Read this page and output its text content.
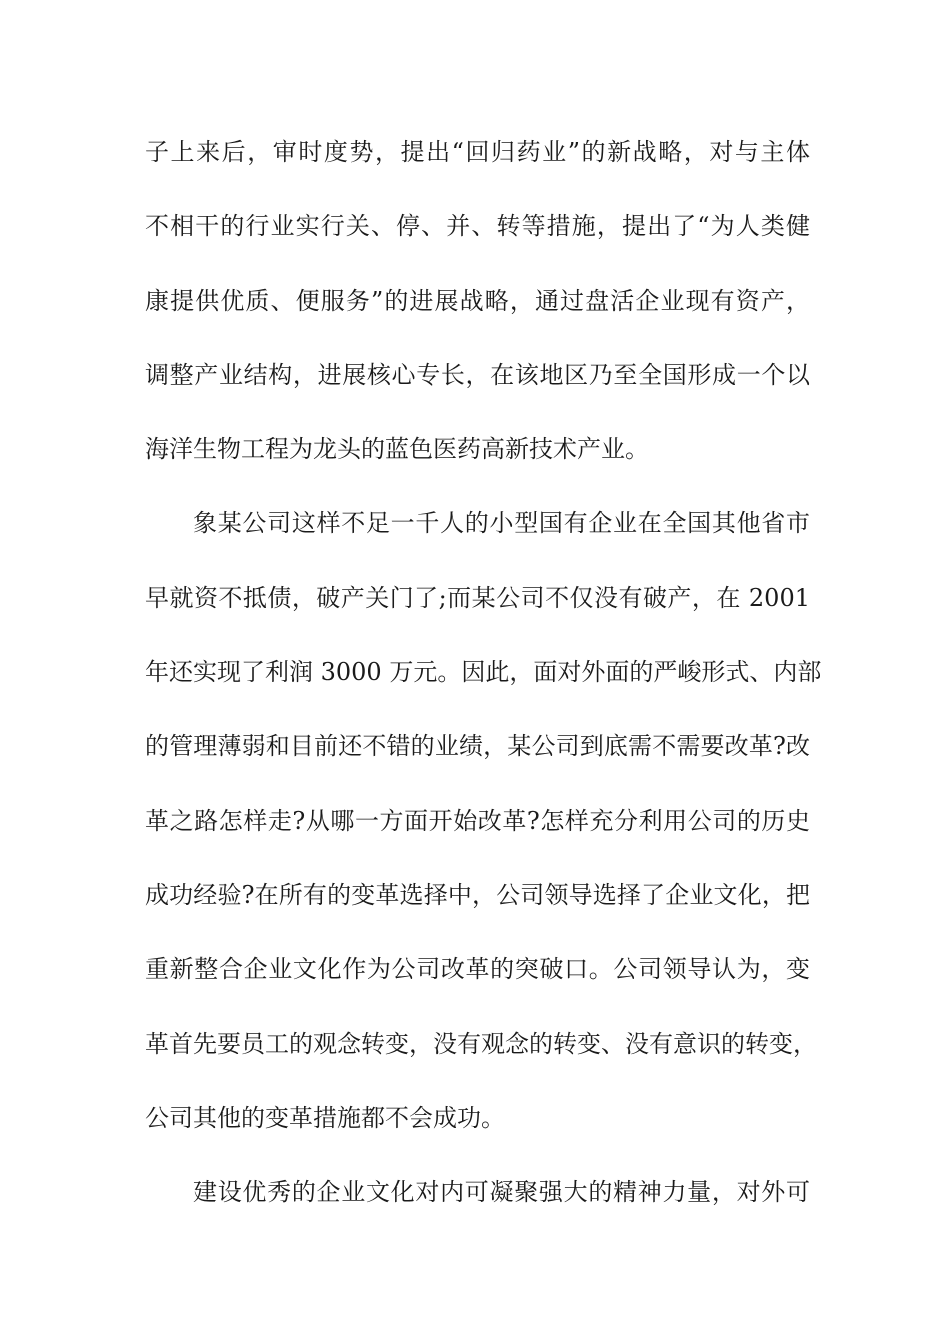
子上来后，审时度势，提出“回归药业”的新战略，对与主体
不相干的行业实行关、停、并、转等措施，提出了“为人类健
康提供优质、便服务”的进展战略，通过盘活企业现有资产，
调整产业结构，进展核心专长，在该地区乃至全国形成一个以
海洋生物工程为龙头的蓝色医药高新技术产业。
象某公司这样不足一千人的小型国有企业在全国其他省市
早就资不抵债，破产关门了;而某公司不仅没有破产，在 2001
年还实现了利润 3000 万元。因此，面对外面的严峻形式、内部
的管理薄弱和目前还不错的业绩，某公司到底需不需要改革?改
革之路怎样走?从哪一方面开始改革?怎样充分利用公司的历史
成功经验?在所有的变革选择中，公司领导选择了企业文化，把
重新整合企业文化作为公司改革的突破口。公司领导认为，变
革首先要员工的观念转变，没有观念的转变、没有意识的转变，
公司其他的变革措施都不会成功。
建设优秀的企业文化对内可凝聚强大的精神力量，对外可
